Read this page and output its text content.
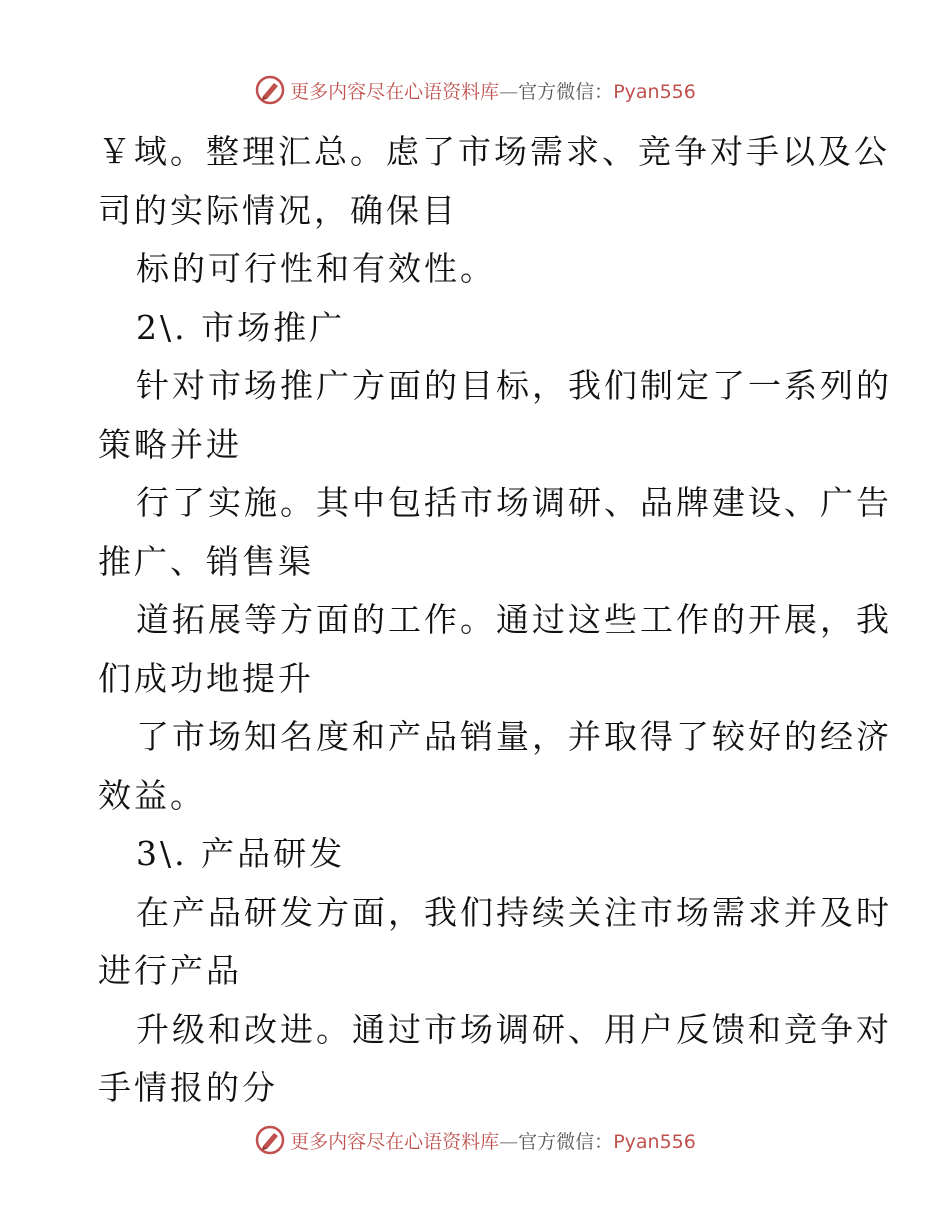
更多内容尽在心语资料库—官方微信：Pyan556
￥域。整理汇总。虑了市场需求、竞争对手以及公
司的实际情况，确保目
标的可行性和有效性。
2\. 市场推广
针对市场推广方面的目标，我们制定了一系列的
策略并进
行了实施。其中包括市场调研、品牌建设、广告
推广、销售渠
道拓展等方面的工作。通过这些工作的开展，我
们成功地提升
了市场知名度和产品销量，并取得了较好的经济
效益。
3\. 产品研发
在产品研发方面，我们持续关注市场需求并及时
进行产品
升级和改进。通过市场调研、用户反馈和竞争对
手情报的分
更多内容尽在心语资料库—官方微信：Pyan556
